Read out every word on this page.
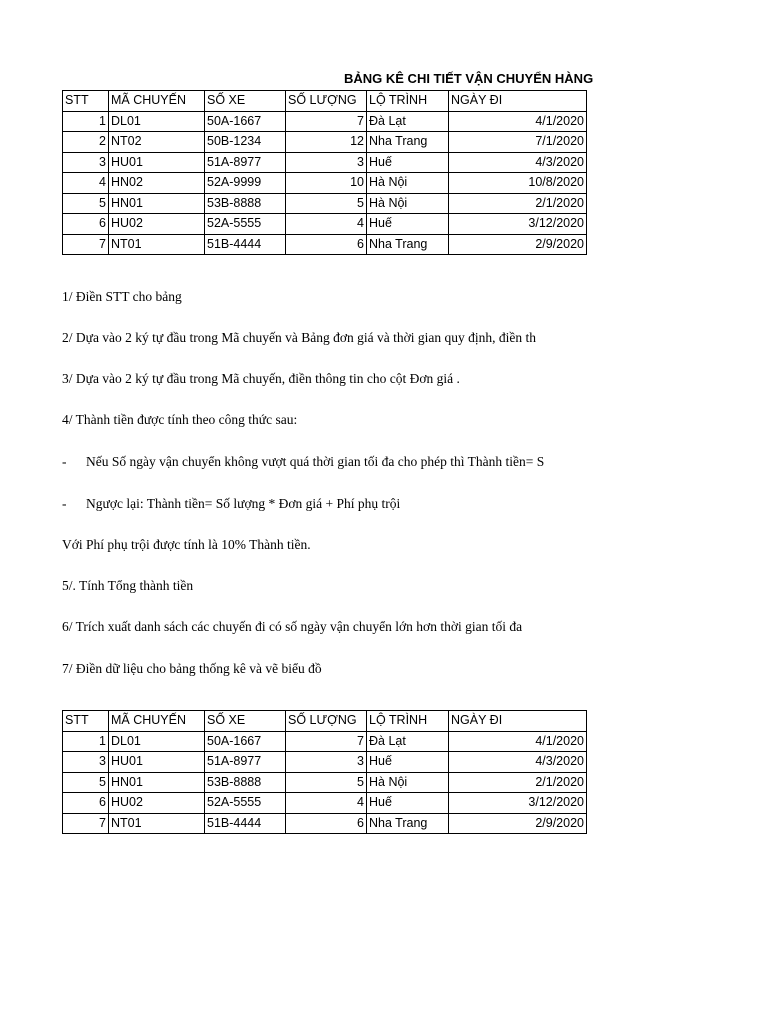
BẢNG KÊ CHI TIẾT VẬN CHUYỂN HÀNG
STT	MÃ CHUYẾN	SỐ XE	SỐ LƯỢNG	LỘ TRÌNH	NGÀY ĐI
1	DL01	50A-1667	7	Đà Lạt	4/1/2020
2	NT02	50B-1234	12	Nha Trang	7/1/2020
3	HU01	51A-8977	3	Huế	4/3/2020
4	HN02	52A-9999	10	Hà Nội	10/8/2020
5	HN01	53B-8888	5	Hà Nội	2/1/2020
6	HU02	52A-5555	4	Huế	3/12/2020
7	NT01	51B-4444	6	Nha Trang	2/9/2020
1/ Điền STT cho bảng
2/ Dựa vào 2 ký tự đầu trong Mã chuyến và Bảng đơn giá và thời gian quy định, điền th
3/ Dựa vào 2 ký tự đầu trong Mã chuyến, điền thông tin cho cột Đơn giá .
4/ Thành tiền được tính theo công thức sau:
- Nếu Số ngày vận chuyển không vượt quá thời gian tối đa cho phép thì Thành tiền= S
- Ngược lại: Thành tiền= Số lượng * Đơn giá + Phí phụ trội
Với Phí phụ trội được tính là 10% Thành tiền.
5/. Tính Tổng thành tiền
6/ Trích xuất danh sách các chuyến đi có số ngày vận chuyển lớn hơn thời gian tối đa
7/ Điền dữ liệu cho bảng thống kê và vẽ biểu đồ
STT	MÃ CHUYẾN	SỐ XE	SỐ LƯỢNG	LỘ TRÌNH	NGÀY ĐI
1	DL01	50A-1667	7	Đà Lạt	4/1/2020
3	HU01	51A-8977	3	Huế	4/3/2020
5	HN01	53B-8888	5	Hà Nội	2/1/2020
6	HU02	52A-5555	4	Huế	3/12/2020
7	NT01	51B-4444	6	Nha Trang	2/9/2020
